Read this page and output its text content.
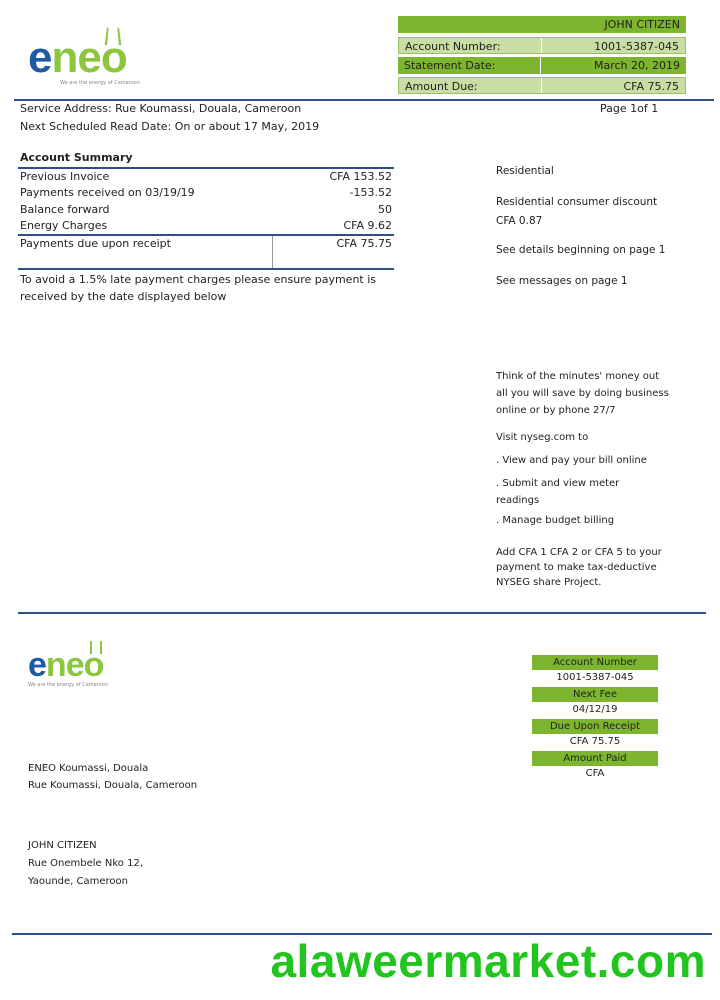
eneo
We are the energy of Cameroon
JOHN CITIZEN
Account Number:	1001-5387-045
Statement Date:	March 20, 2019
Amount Due:	CFA 75.75
Service Address: Rue Koumassi, Douala, Cameroon
Next Scheduled Read Date: On or about 17 May, 2019
Page 1of 1
Account Summary
Previous Invoice	CFA 153.52
Payments received on 03/19/19	-153.52
Balance forward	50
Energy Charges	CFA 9.62
Payments due upon receipt	CFA 75.75
To avoid a 1.5% late payment charges please ensure payment is
received by the date displayed below
Residential
Residential consumer discount
CFA 0.87
See details beginning on page 1
See messages on page 1
Think of the minutes' money out
all you will save by doing business
online or by phone 27/7
Visit nyseg.com to
. View and pay your bill online
. Submit and view meter
readings
. Manage budget billing
Add CFA 1 CFA 2 or CFA 5 to your
payment to make tax-deductive
NYSEG share Project.
eneo
We are the energy of Cameroon
Account Number
1001-5387-045
Next Fee
04/12/19
Due Upon Receipt
CFA 75.75
Amount Paid
CFA
ENEO Koumassi, Douala
Rue Koumassi, Douala, Cameroon
JOHN CITIZEN
Rue Onembele Nko 12,
Yaounde, Cameroon
alaweermarket.com
